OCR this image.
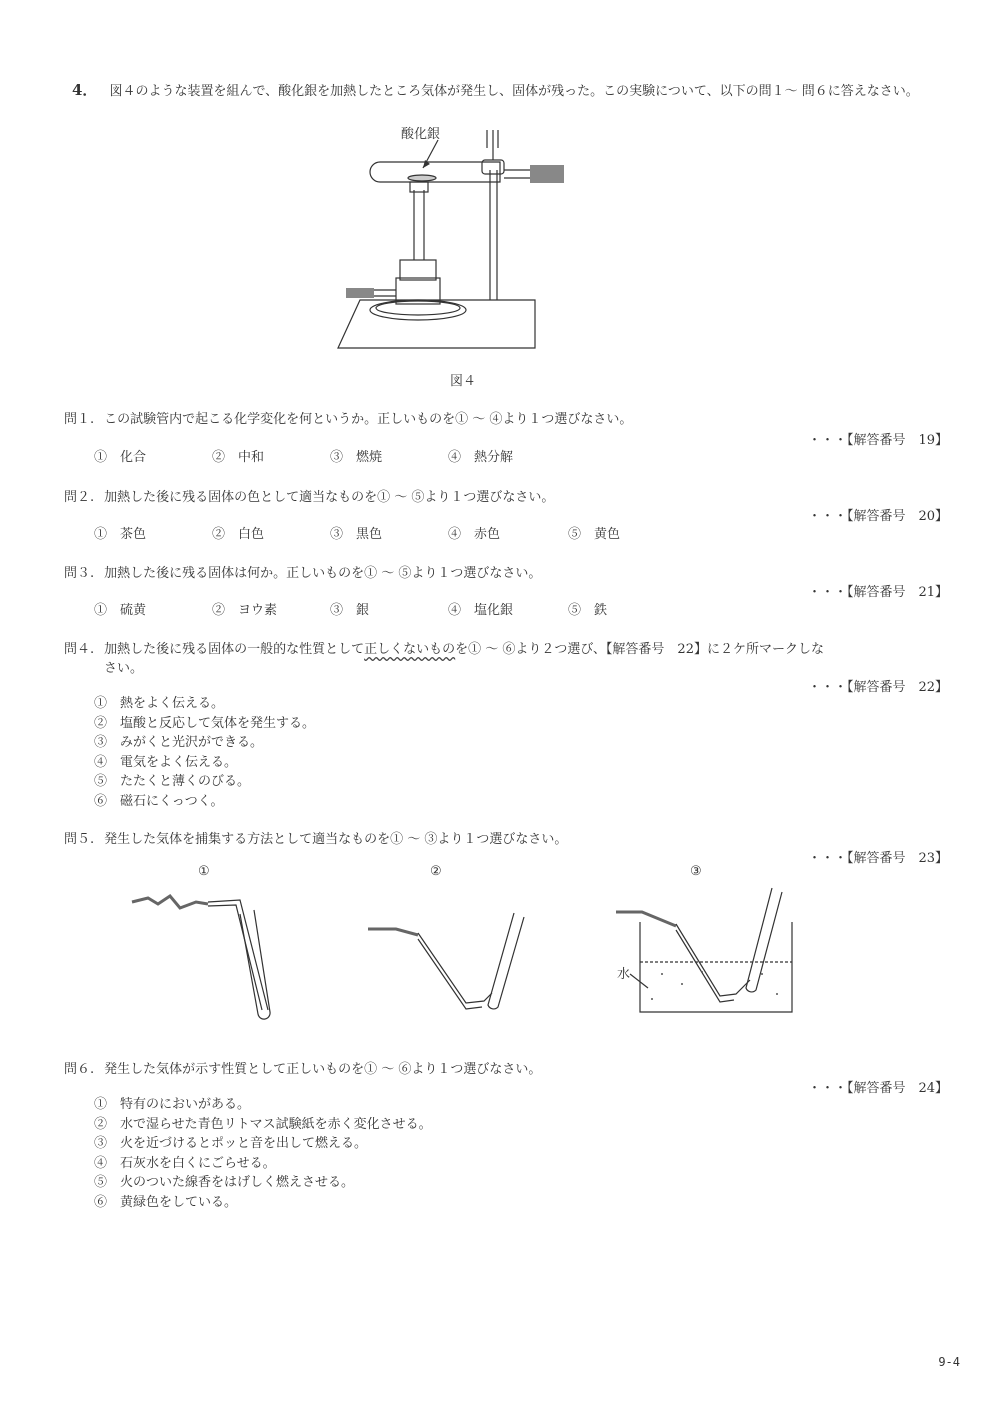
4． 図４のような装置を組んで、酸化銀を加熱したところ気体が発生し、固体が残った。この実験について、以下の問１～ 問６に答えなさい。
酸化銀
図４
問１. この試験管内で起こる化学変化を何というか。正しいものを① ～ ④より１つ選びなさい。
・・・【解答番号　19】
①　化合	②　中和	③　燃焼	④　熱分解
問２. 加熱した後に残る固体の色として適当なものを① ～ ⑤より１つ選びなさい。
・・・【解答番号　20】
①　茶色	②　白色	③　黒色	④　赤色	⑤　黄色
問３. 加熱した後に残る固体は何か。正しいものを① ～ ⑤より１つ選びなさい。
・・・【解答番号　21】
①　硫黄	②　ヨウ素	③　銀	④　塩化銀	⑤　鉄
問４. 加熱した後に残る固体の一般的な性質として正しくないものを① ～ ⑥より２つ選び、【解答番号　22】に２ケ所マークしな
さい。
・・・【解答番号　22】
①　熱をよく伝える。
②　塩酸と反応して気体を発生する。
③　みがくと光沢ができる。
④　電気をよく伝える。
⑤　たたくと薄くのびる。
⑥　磁石にくっつく。
問５. 発生した気体を捕集する方法として適当なものを① ～ ③より１つ選びなさい。
・・・【解答番号　23】
①	②	③
水
問６. 発生した気体が示す性質として正しいものを① ～ ⑥より１つ選びなさい。
・・・【解答番号　24】
①　特有のにおいがある。
②　水で湿らせた青色リトマス試験紙を赤く変化させる。
③　火を近づけるとポッと音を出して燃える。
④　石灰水を白くにごらせる。
⑤　火のついた線香をはげしく燃えさせる。
⑥　黄緑色をしている。
9-4
